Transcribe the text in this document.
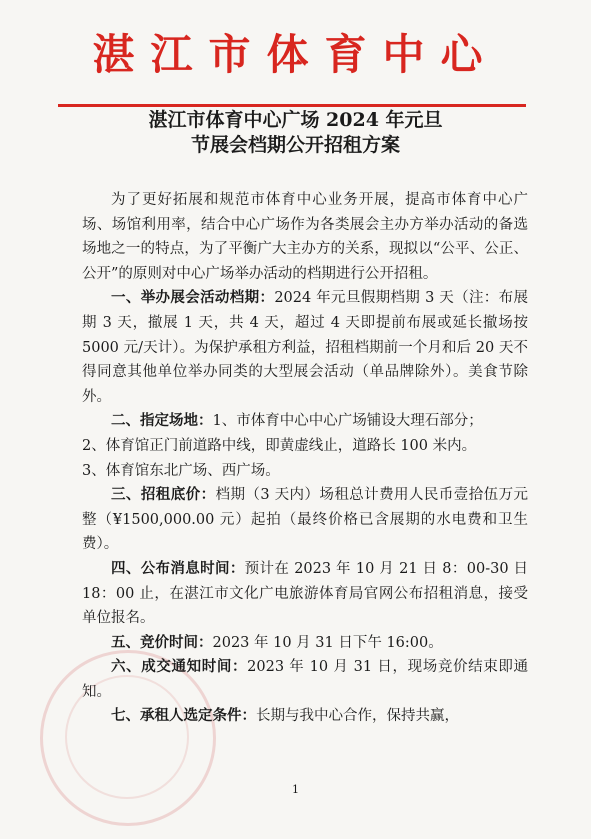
湛江市体育中心
湛江市体育中心广场 2024 年元旦
节展会档期公开招租方案

为了更好拓展和规范市体育中心业务开展，提高市体育中心广场、场馆利用率，结合中心广场作为各类展会主办方举办活动的备选场地之一的特点，为了平衡广大主办方的关系，现拟以“公平、公正、公开”的原则对中心广场举办活动的档期进行公开招租。

一、举办展会活动档期：2024 年元旦假期档期 3 天（注：布展期 3 天，撤展 1 天，共 4 天，超过 4 天即提前布展或延长撤场按 5000 元/天计）。为保护承租方利益，招租档期前一个月和后 20 天不得同意其他单位举办同类的大型展会活动（单品牌除外）。美食节除外。

二、指定场地：1、市体育中心中心广场铺设大理石部分；

2、体育馆正门前道路中线，即黄虚线止，道路长 100 米内。

3、体育馆东北广场、西广场。

三、招租底价：档期（3 天内）场租总计费用人民币壹拾伍万元整（¥1500,000.00 元）起拍（最终价格已含展期的水电费和卫生费）。

四、公布消息时间：预计在 2023 年 10 月 21 日 8：00-30 日 18：00 止，在湛江市文化广电旅游体育局官网公布招租消息，接受单位报名。

五、竞价时间：2023 年 10 月 31 日下午 16:00。

六、成交通知时间：2023 年 10 月 31 日，现场竞价结束即通知。

七、承租人选定条件：长期与我中心合作，保持共赢，

1
